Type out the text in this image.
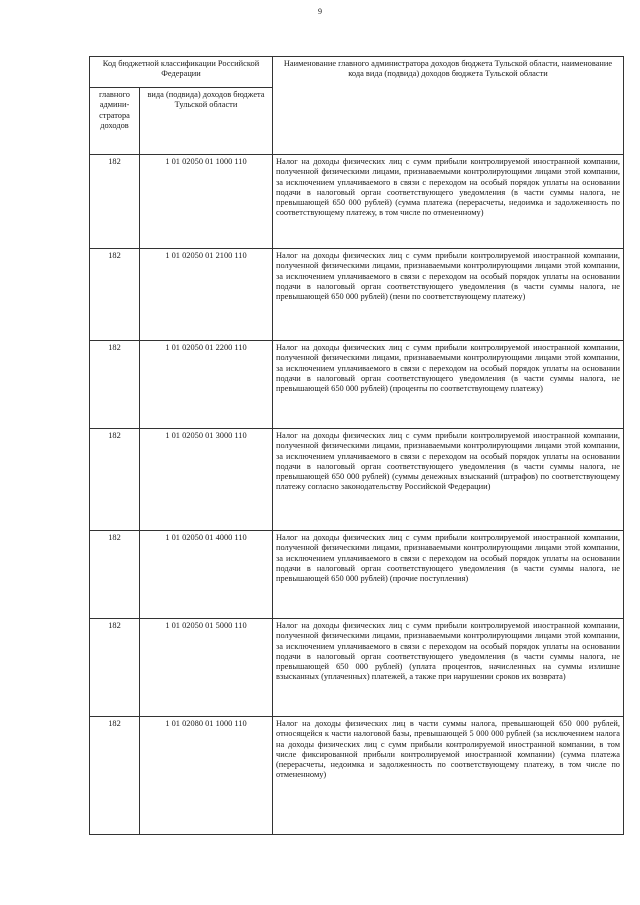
9
Код бюджетной классификации Российской Федерации		Наименование главного администратора доходов бюджета Тульской области, наименование кода вида (подвида) доходов бюджета Тульской области
главного админи-стратора доходов	вида (подвида) доходов бюджета Тульской области	
182	1 01 02050 01 1000 110	Налог на доходы физических лиц с сумм прибыли контролируемой иностранной компании, полученной физическими лицами, признаваемыми контролирующими лицами этой компании, за исключением уплачиваемого в связи с переходом на особый порядок уплаты на основании подачи в налоговый орган соответствующего уведомления (в части суммы налога, не превышающей 650 000 рублей) (сумма платежа (перерасчеты, недоимка и задолженность по соответствующему платежу, в том числе по отмененному)
182	1 01 02050 01 2100 110	Налог на доходы физических лиц с сумм прибыли контролируемой иностранной компании, полученной физическими лицами, признаваемыми контролирующими лицами этой компании, за исключением уплачиваемого в связи с переходом на особый порядок уплаты на основании подачи в налоговый орган соответствующего уведомления (в части суммы налога, не превышающей 650 000 рублей) (пени по соответствующему платежу)
182	1 01 02050 01 2200 110	Налог на доходы физических лиц с сумм прибыли контролируемой иностранной компании, полученной физическими лицами, признаваемыми контролирующими лицами этой компании, за исключением уплачиваемого в связи с переходом на особый порядок уплаты на основании подачи в налоговый орган соответствующего уведомления (в части суммы налога, не превышающей 650 000 рублей) (проценты по соответствующему платежу)
182	1 01 02050 01 3000 110	Налог на доходы физических лиц с сумм прибыли контролируемой иностранной компании, полученной физическими лицами, признаваемыми контролирующими лицами этой компании, за исключением уплачиваемого в связи с переходом на особый порядок уплаты на основании подачи в налоговый орган соответствующего уведомления (в части суммы налога, не превышающей 650 000 рублей) (суммы денежных взысканий (штрафов) по соответствующему платежу согласно законодательству Российской Федерации)
182	1 01 02050 01 4000 110	Налог на доходы физических лиц с сумм прибыли контролируемой иностранной компании, полученной физическими лицами, признаваемыми контролирующими лицами этой компании, за исключением уплачиваемого в связи с переходом на особый порядок уплаты на основании подачи в налоговый орган соответствующего уведомления (в части суммы налога, не превышающей 650 000 рублей) (прочие поступления)
182	1 01 02050 01 5000 110	Налог на доходы физических лиц с сумм прибыли контролируемой иностранной компании, полученной физическими лицами, признаваемыми контролирующими лицами этой компании, за исключением уплачиваемого в связи с переходом на особый порядок уплаты на основании подачи в налоговый орган соответствующего уведомления (в части суммы налога, не превышающей 650 000 рублей) (уплата процентов, начисленных на суммы излишне взысканных (уплаченных) платежей, а также при нарушении сроков их возврата)
182	1 01 02080 01 1000 110	Налог на доходы физических лиц в части суммы налога, превышающей 650 000 рублей, относящейся к части налоговой базы, превышающей 5 000 000 рублей (за исключением налога на доходы физических лиц с сумм прибыли контролируемой иностранной компании, в том числе фиксированной прибыли контролируемой иностранной компании) (сумма платежа (перерасчеты, недоимка и задолженность по соответствующему платежу, в том числе по отмененному)
